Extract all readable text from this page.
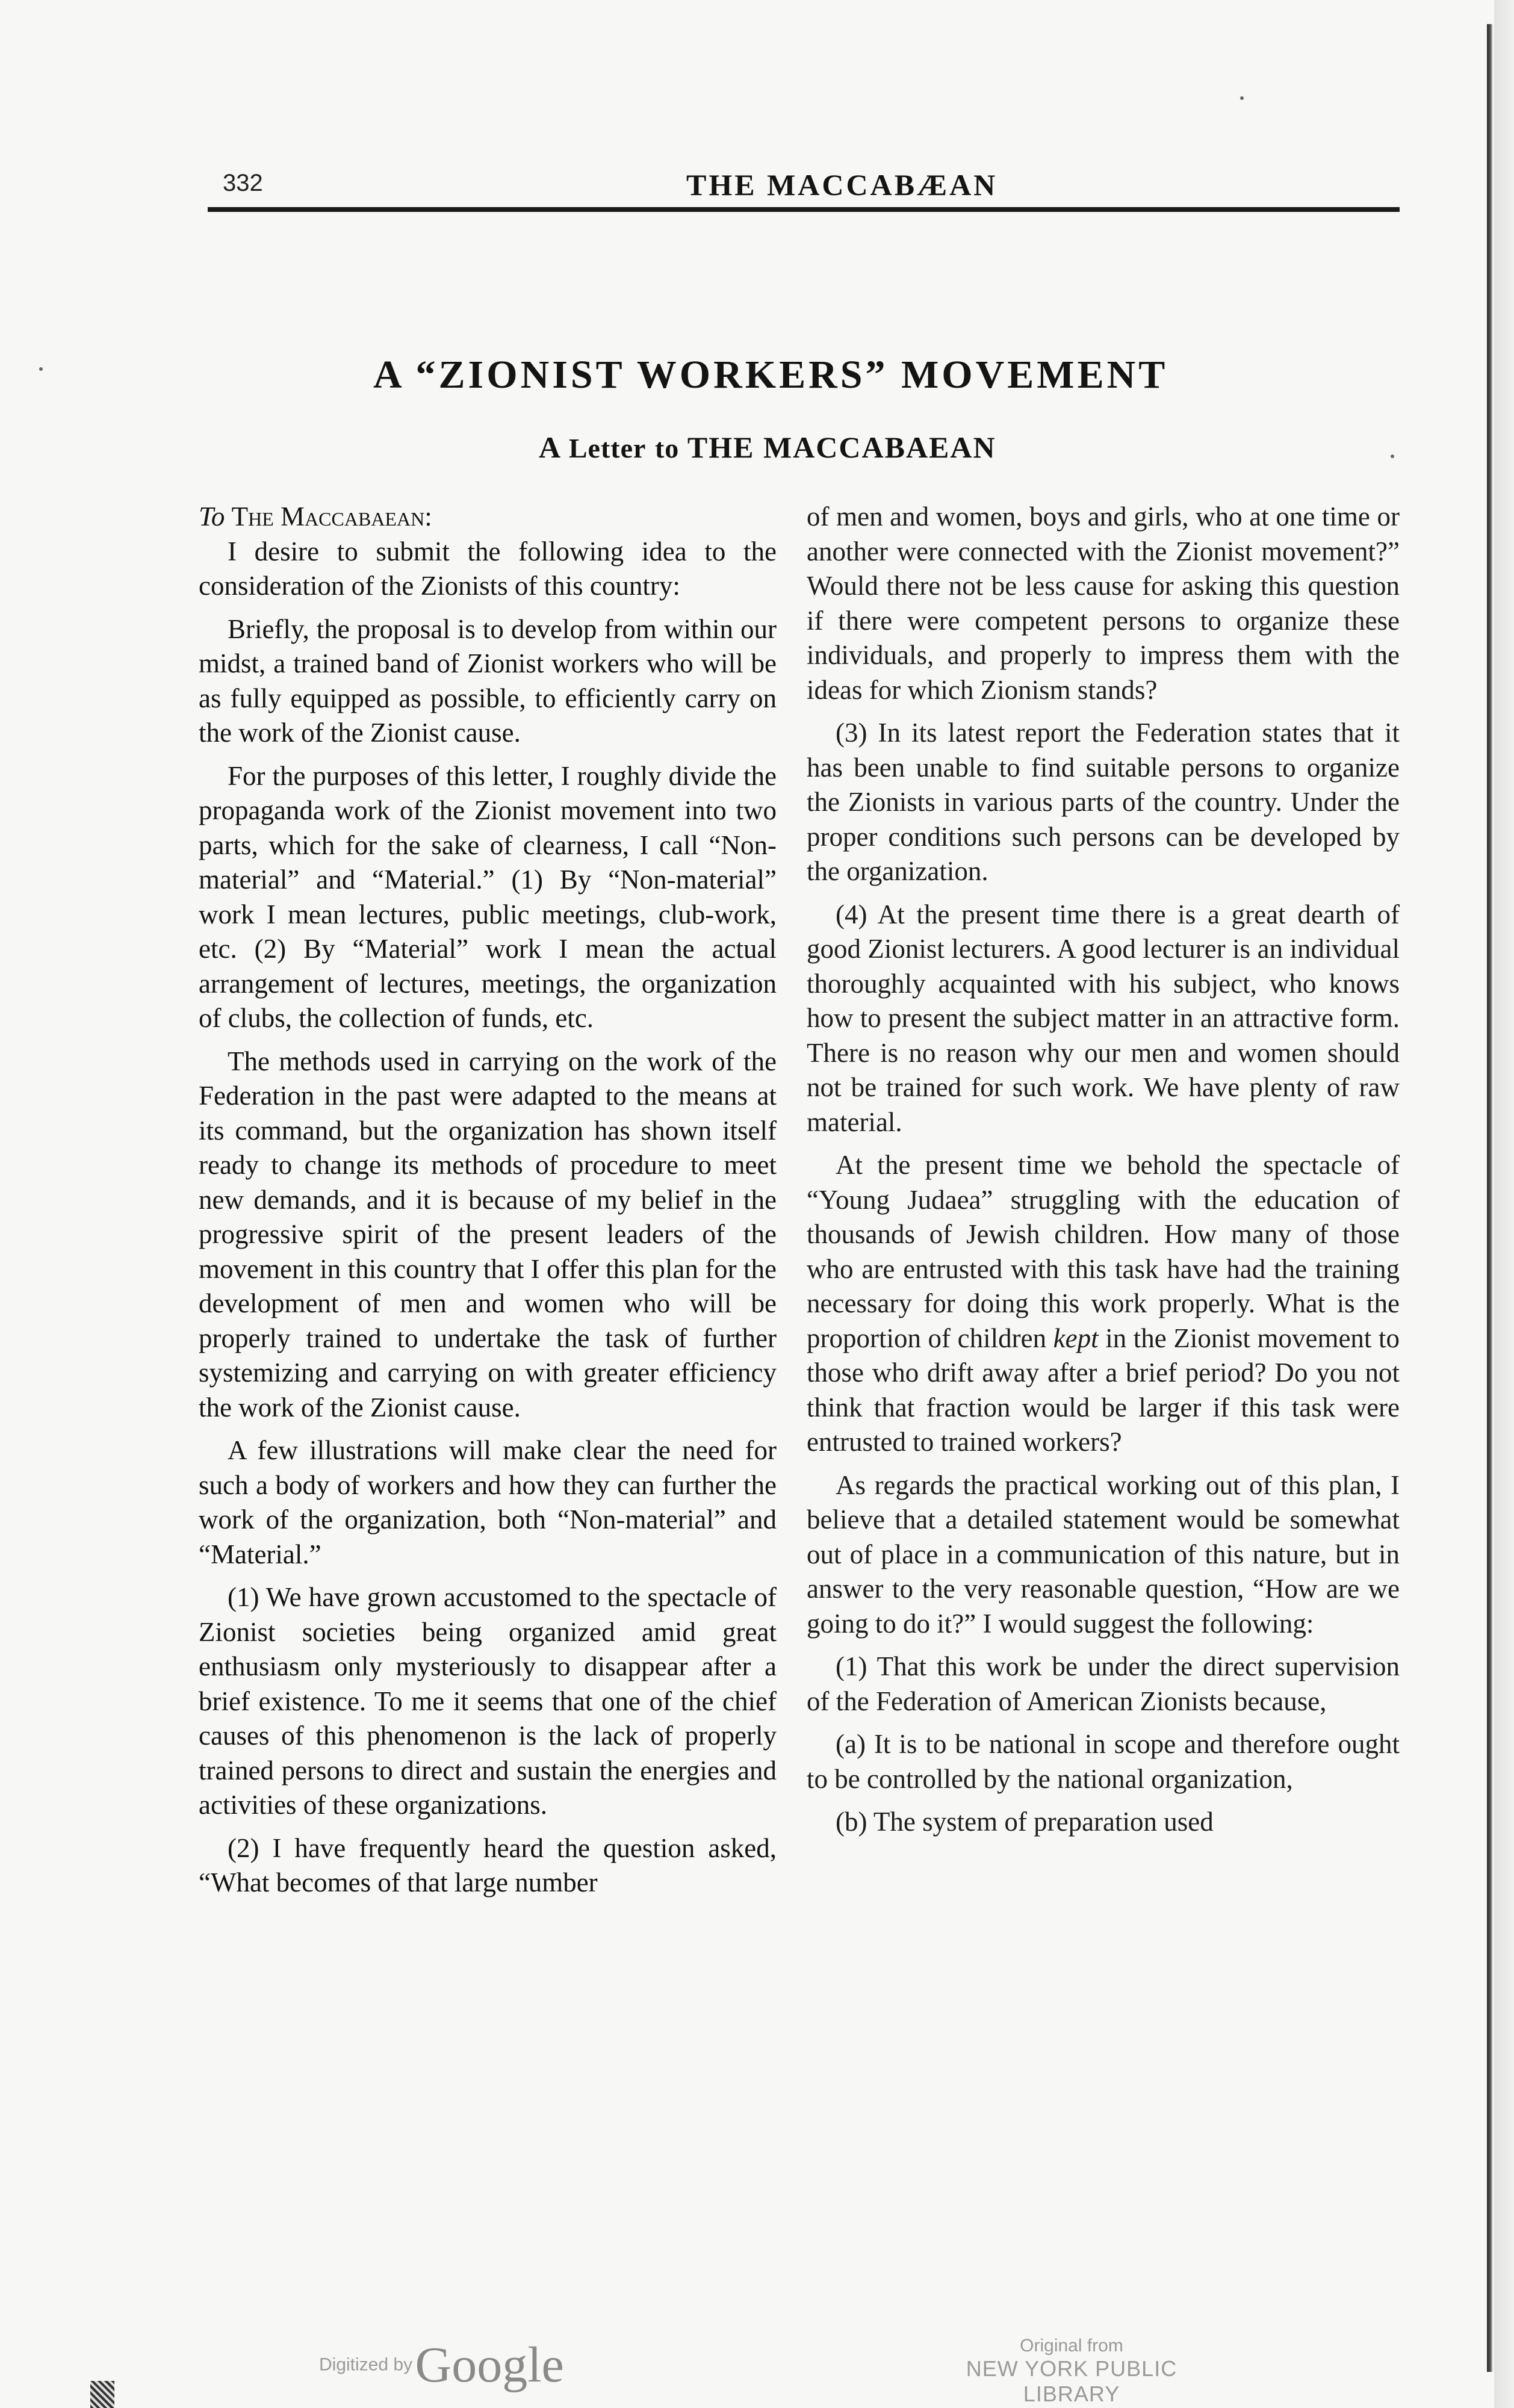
332	THE MACCABÆAN
A “ZIONIST WORKERS” MOVEMENT
A Letter to THE MACCABAEAN

To The Maccabaean:

I desire to submit the following idea to the consideration of the Zionists of this country:

Briefly, the proposal is to develop from within our midst, a trained band of Zionist workers who will be as fully equipped as possible, to efficiently carry on the work of the Zionist cause.

For the purposes of this letter, I roughly divide the propaganda work of the Zionist movement into two parts, which for the sake of clearness, I call “Non-material” and “Material.” (1) By “Non-material” work I mean lectures, public meetings, club-work, etc. (2) By “Material” work I mean the actual arrangement of lectures, meetings, the organization of clubs, the collection of funds, etc.

The methods used in carrying on the work of the Federation in the past were adapted to the means at its command, but the organization has shown itself ready to change its methods of procedure to meet new demands, and it is because of my belief in the progressive spirit of the present leaders of the movement in this country that I offer this plan for the development of men and women who will be properly trained to undertake the task of further systemizing and carrying on with greater efficiency the work of the Zionist cause.

A few illustrations will make clear the need for such a body of workers and how they can further the work of the organization, both “Non-material” and “Material.”

(1) We have grown accustomed to the spectacle of Zionist societies being organized amid great enthusiasm only mysteriously to disappear after a brief existence. To me it seems that one of the chief causes of this phenomenon is the lack of properly trained persons to direct and sustain the energies and activities of these organizations.

(2) I have frequently heard the question asked, “What becomes of that large number

of men and women, boys and girls, who at one time or another were connected with the Zionist movement?” Would there not be less cause for asking this question if there were competent persons to organize these individuals, and properly to impress them with the ideas for which Zionism stands?

(3) In its latest report the Federation states that it has been unable to find suitable persons to organize the Zionists in various parts of the country. Under the proper conditions such persons can be developed by the organization.

(4) At the present time there is a great dearth of good Zionist lecturers. A good lecturer is an individual thoroughly acquainted with his subject, who knows how to present the subject matter in an attractive form. There is no reason why our men and women should not be trained for such work. We have plenty of raw material.

At the present time we behold the spectacle of “Young Judaea” struggling with the education of thousands of Jewish children. How many of those who are entrusted with this task have had the training necessary for doing this work properly. What is the proportion of children kept in the Zionist movement to those who drift away after a brief period? Do you not think that fraction would be larger if this task were entrusted to trained workers?

As regards the practical working out of this plan, I believe that a detailed statement would be somewhat out of place in a communication of this nature, but in answer to the very reasonable question, “How are we going to do it?” I would suggest the following:

(1) That this work be under the direct supervision of the Federation of American Zionists because,

(a) It is to be national in scope and therefore ought to be controlled by the national organization,

(b) The system of preparation used

Digitized by Google	Original from
NEW YORK PUBLIC LIBRARY
